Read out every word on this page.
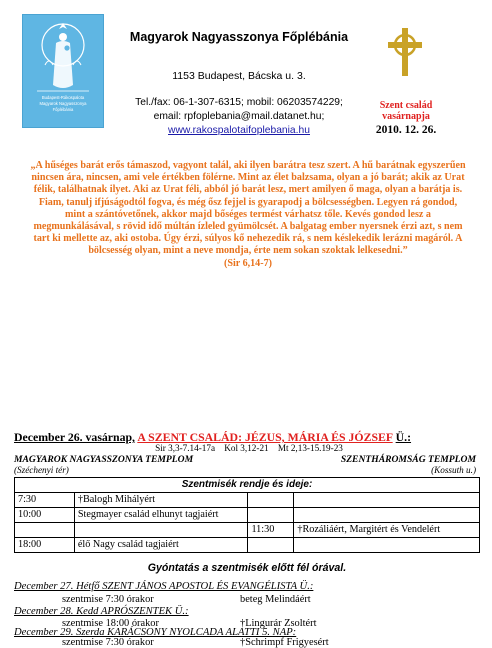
Budapest-Rákospalota
Magyarok Nagyasszonya
Főplébánia
Magyarok Nagyasszonya Főplébánia
1153 Budapest, Bácska u. 3.
Tel./fax: 06-1-307-6315; mobil: 06203574229;
email: rpfoplebania@mail.datanet.hu;
www.rakospalotaifoplebania.hu
Szent család
vasárnapja
2010. 12. 26.
„A hűséges barát erős támaszod, vagyont talál, aki ilyen barátra tesz szert. A hű barátnak egyszerűen nincsen ára, nincsen, ami vele értékben fölérne. Mint az élet balzsama, olyan a jó barát; akik az Urat félik, találhatnak ilyet. Aki az Urat féli, abból jó barát lesz, mert amilyen ő maga, olyan a barátja is. Fiam, tanulj ifjúságodtól fogva, és még ősz fejjel is gyarapodj a bölcsességben. Legyen rá gondod, mint a szántóvetőnek, akkor majd bőséges termést várhatsz tőle. Kevés gondod lesz a megmunkálásával, s rövid idő múltán ízleled gyümölcsét. A balgatag ember nyersnek érzi azt, s nem tart ki mellette az, aki ostoba. Úgy érzi, súlyos kő nehezedik rá, s nem késlekedik lerázni magáról. A bölcsesség olyan, mint a neve mondja, érte nem sokan szoktak lelkesedni.”
(Sir 6,14-7)
December 26. vasárnap, A SZENT CSALÁD: JÉZUS, MÁRIA ÉS JÓZSEF Ü.:
Sir 3,3-7.14-17a    Kol 3,12-21    Mt 2,13-15.19-23
MAGYAROK NAGYASSZONYA TEMPLOM	SZENTHÁROMSÁG TEMPLOM
(Széchenyi tér)	(Kossuth u.)
Szentmisék rendje és ideje:			
7:30	†Balogh Mihályért		
10:00	Stegmayer család elhunyt tagjaiért		
		11:30	†Rozáliáért, Margitért és Vendelért
18:00	élő Nagy család tagjaiért		
Gyóntatás a szentmisék előtt fél órával.
December 27. Hétfő SZENT JÁNOS APOSTOL ÉS EVANGÉLISTA Ü.:
szentmise 7:30 órakor	beteg Melindáért
December 28. Kedd APRÓSZENTEK Ü.:
szentmise 18:00 órakor	†Lingurár Zsoltért
December 29. Szerda KARÁCSONY NYOLCADA ALATTI 5. NAP:
szentmise 7:30 órakor	†Schrimpf Frigyesért
